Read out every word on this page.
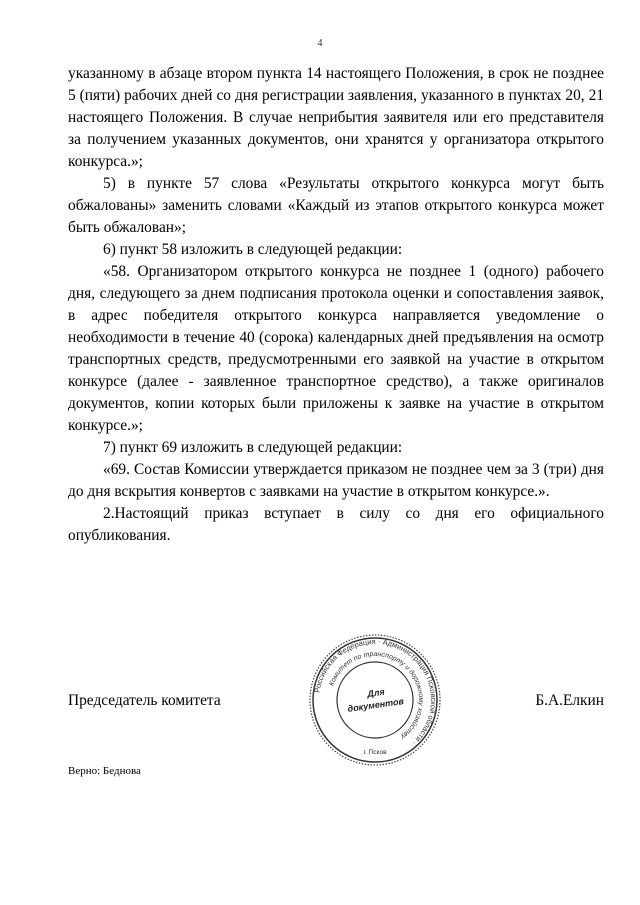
4

указанному в абзаце втором пункта 14 настоящего Положения, в срок не позднее 5 (пяти) рабочих дней со дня регистрации заявления, указанного в пунктах 20, 21 настоящего Положения. В случае неприбытия заявителя или его представителя за получением указанных документов, они хранятся у организатора открытого конкурса.»;

5) в пункте 57 слова «Результаты открытого конкурса могут быть обжалованы» заменить словами «Каждый из этапов открытого конкурса может быть обжалован»;

6) пункт 58 изложить в следующей редакции:

«58. Организатором открытого конкурса не позднее 1 (одного) рабочего дня, следующего за днем подписания протокола оценки и сопоставления заявок, в адрес победителя открытого конкурса направляется уведомление о необходимости в течение 40 (сорока) календарных дней предъявления на осмотр транспортных средств, предусмотренными его заявкой на участие в открытом конкурсе (далее - заявленное транспортное средство), а также оригиналов документов, копии которых были приложены к заявке на участие в открытом конкурсе.»;

7) пункт 69 изложить в следующей редакции:

«69. Состав Комиссии утверждается приказом не позднее чем за 3 (три) дня до дня вскрытия конвертов с заявками на участие в открытом конкурсе.».

2.Настоящий приказ вступает в силу со дня его официального опубликования.

Председатель комитета	Б.А.Елкин
Российская Федерация · Администрация Псковской области ·
Комитет по транспорту и дорожному хозяйству
г. Псков
Для
документов
Верно: Беднова
